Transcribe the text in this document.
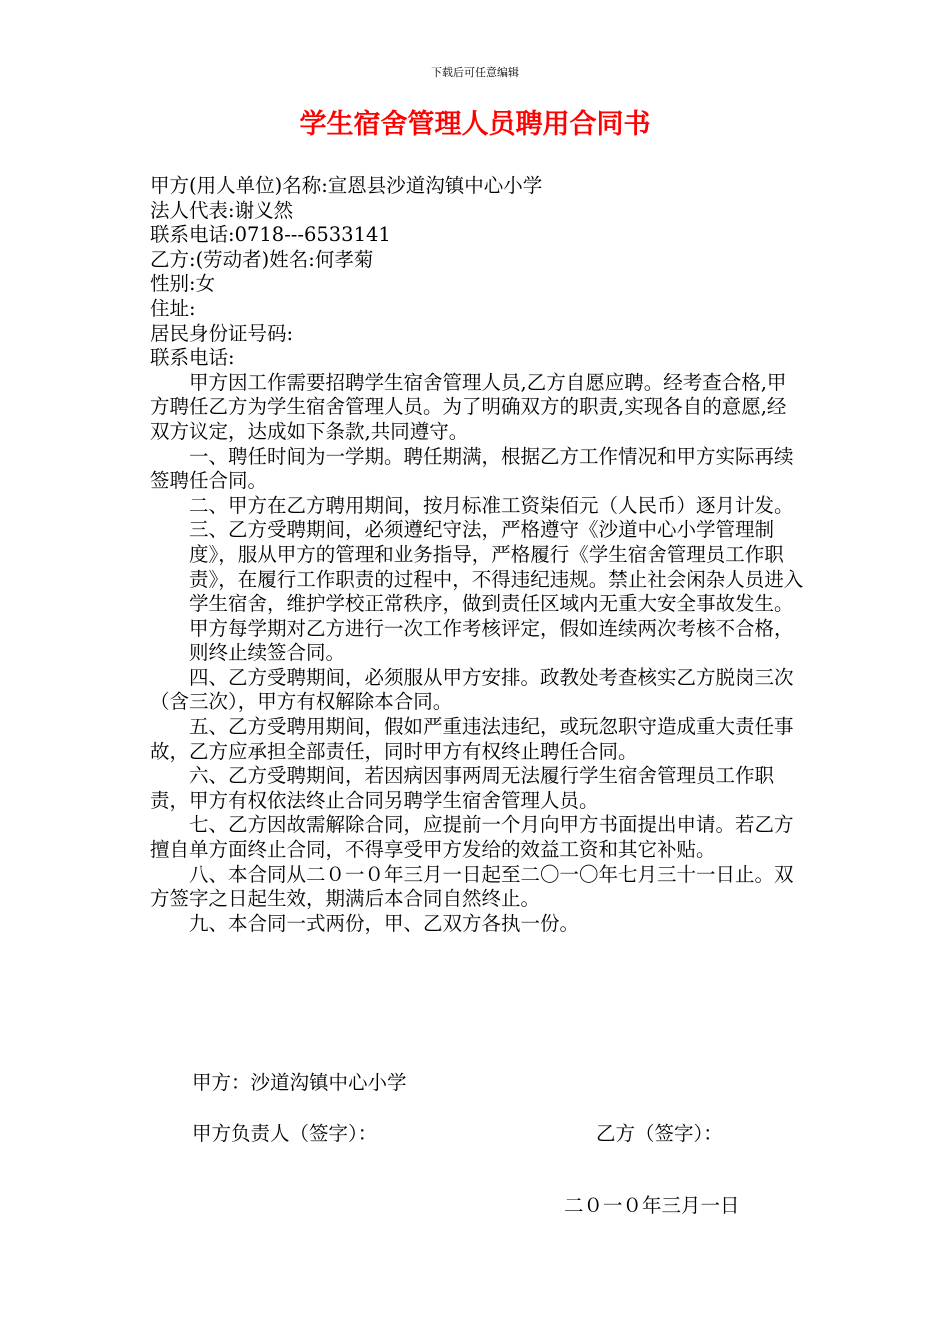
下载后可任意编辑
学生宿舍管理人员聘用合同书

甲方(用人单位)名称:宣恩县沙道沟镇中心小学

法人代表:谢义然

联系电话:0718---6533141

乙方:(劳动者)姓名:何孝菊

性别:女

住址:

居民身份证号码:

联系电话:

甲方因工作需要招聘学生宿舍管理人员,乙方自愿应聘。经考查合格,甲方聘任乙方为学生宿舍管理人员。为了明确双方的职责,实现各自的意愿,经双方议定，达成如下条款,共同遵守。

一、聘任时间为一学期。聘任期满，根据乙方工作情况和甲方实际再续签聘任合同。

二、甲方在乙方聘用期间，按月标准工资柒佰元（人民币）逐月计发。

三、乙方受聘期间，必须遵纪守法，严格遵守《沙道中心小学管理制度》，服从甲方的管理和业务指导，严格履行《学生宿舍管理员工作职责》，在履行工作职责的过程中，不得违纪违规。禁止社会闲杂人员进入学生宿舍，维护学校正常秩序，做到责任区域内无重大安全事故发生。甲方每学期对乙方进行一次工作考核评定，假如连续两次考核不合格，则终止续签合同。

四、乙方受聘期间，必须服从甲方安排。政教处考查核实乙方脱岗三次（含三次），甲方有权解除本合同。

五、乙方受聘用期间，假如严重违法违纪，或玩忽职守造成重大责任事故，乙方应承担全部责任，同时甲方有权终止聘任合同。

六、乙方受聘期间，若因病因事两周无法履行学生宿舍管理员工作职责，甲方有权依法终止合同另聘学生宿舍管理人员。

七、乙方因故需解除合同，应提前一个月向甲方书面提出申请。若乙方擅自单方面终止合同，不得享受甲方发给的效益工资和其它补贴。

八、本合同从二０一０年三月一日起至二〇一〇年七月三十一日止。双方签字之日起生效，期满后本合同自然终止。

九、本合同一式两份，甲、乙双方各执一份。

甲方：沙道沟镇中心小学
甲方负责人（签字）：	乙方（签字）：
二０一０年三月一日
